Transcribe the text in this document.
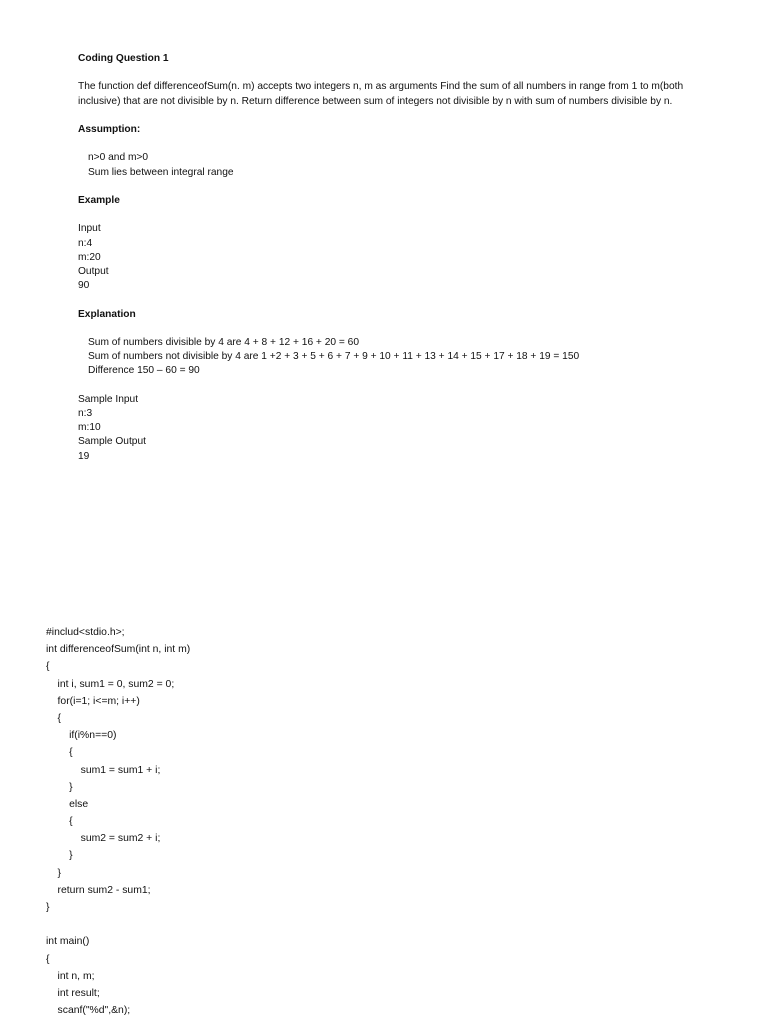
Coding Question 1

The function def differenceofSum(n. m) accepts two integers n, m as arguments Find the sum of all numbers in range from 1 to m(both inclusive) that are not divisible by n. Return difference between sum of integers not divisible by n with sum of numbers divisible by n.

Assumption:

n>0 and m>0

Sum lies between integral range

Example

Input

n:4

m:20

Output

90

Explanation

Sum of numbers divisible by 4 are 4 + 8 + 12 + 16 + 20 = 60

Sum of numbers not divisible by 4 are 1 +2 + 3 + 5 + 6 + 7 + 9 + 10 + 11 + 13 + 14 + 15 + 17 + 18 + 19 = 150

Difference 150 – 60 = 90

Sample Input

n:3

m:10

Sample Output

19

#includ<stdio.h>;
int differenceofSum(int n, int m)
{
int i, sum1 = 0, sum2 = 0;
for(i=1; i<=m; i++)
{
if(i%n==0)
{
sum1 = sum1 + i;
}
else
{
sum2 = sum2 + i;
}
}
return sum2 - sum1;
}
int main()
{
int n, m;
int result;
scanf("%d",&n);
